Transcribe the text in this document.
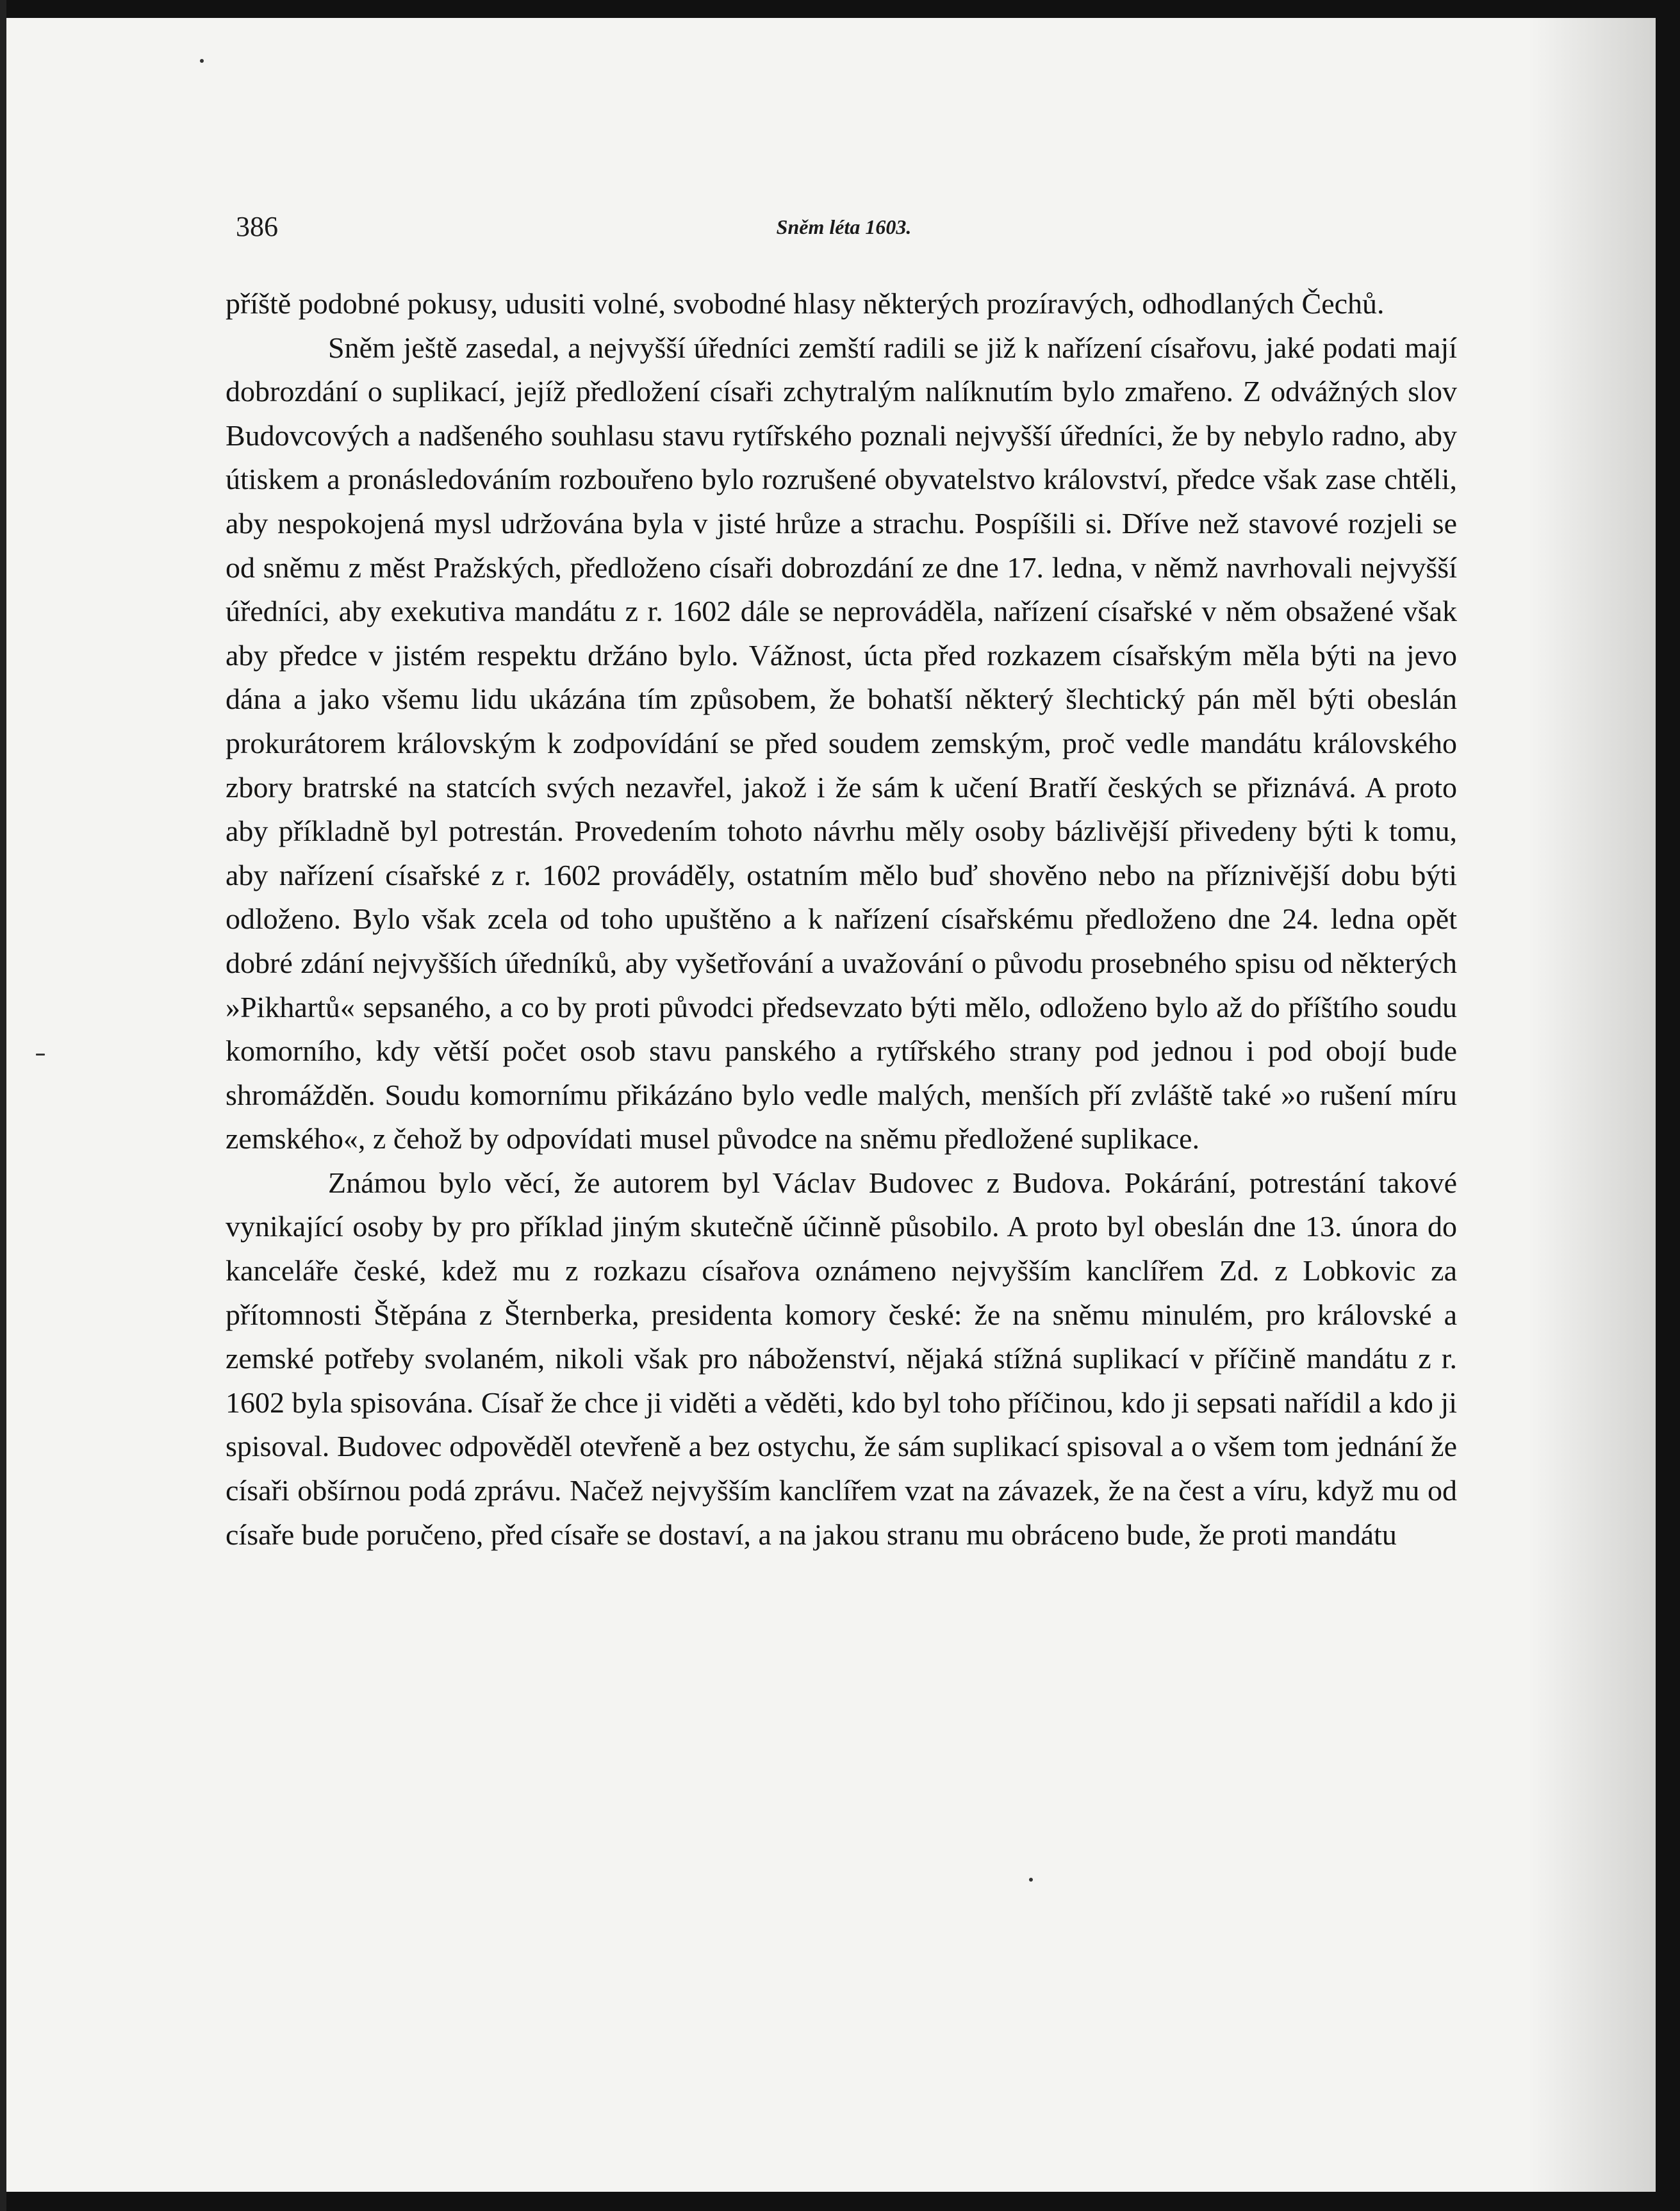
386	Sněm léta 1603.

příště podobné pokusy, udusiti volné, svobodné hlasy některých prozíravých, odhodlaných Čechů.

Sněm ještě zasedal, a nejvyšší úředníci zemští radili se již k nařízení císařovu, jaké podati mají dobrozdání o suplikací, jejíž předložení císaři zchytralým nalíknutím bylo zmařeno. Z odvážných slov Budovcových a nadšeného souhlasu stavu rytířského poznali nejvyšší úředníci, že by nebylo radno, aby útiskem a pronásledováním rozbouřeno bylo rozrušené obyvatelstvo království, předce však zase chtěli, aby nespokojená mysl udržována byla v jisté hrůze a strachu. Pospíšili si. Dříve než stavové rozjeli se od sněmu z měst Pražských, předloženo císaři dobrozdání ze dne 17. ledna, v němž navrhovali nejvyšší úředníci, aby exekutiva mandátu z r. 1602 dále se neprováděla, nařízení císařské v něm obsažené však aby předce v jistém respektu držáno bylo. Vážnost, úcta před rozkazem císařským měla býti na jevo dána a jako všemu lidu ukázána tím způsobem, že bohatší některý šlechtický pán měl býti obeslán prokurátorem královským k zodpovídání se před soudem zemským, proč vedle mandátu královského zbory bratrské na statcích svých nezavřel, jakož i že sám k učení Bratří českých se přiznává. A proto aby příkladně byl potrestán. Provedením tohoto návrhu měly osoby bázlivější přivedeny býti k tomu, aby nařízení císařské z r. 1602 prováděly, ostatním mělo buď shověno nebo na příznivější dobu býti odloženo. Bylo však zcela od toho upuštěno a k nařízení císařskému předloženo dne 24. ledna opět dobré zdání nejvyšších úředníků, aby vyšetřování a uvažování o původu prosebného spisu od některých »Pikhartů« sepsaného, a co by proti původci předsevzato býti mělo, odloženo bylo až do příštího soudu komorního, kdy větší počet osob stavu panského a rytířského strany pod jednou i pod obojí bude shromážděn. Soudu komornímu přikázáno bylo vedle malých, menších pří zvláště také »o rušení míru zemského«, z čehož by odpovídati musel původce na sněmu předložené suplikace.

Známou bylo věcí, že autorem byl Václav Budovec z Budova. Pokárání, potrestání takové vynikající osoby by pro příklad jiným skutečně účinně působilo. A proto byl obeslán dne 13. února do kanceláře české, kdež mu z rozkazu císařova oznámeno nejvyšším kanclířem Zd. z Lobkovic za přítomnosti Štěpána z Šternberka, presidenta komory české: že na sněmu minulém, pro královské a zemské potřeby svolaném, nikoli však pro náboženství, nějaká stížná suplikací v příčině mandátu z r. 1602 byla spisována. Císař že chce ji viděti a věděti, kdo byl toho příčinou, kdo ji sepsati nařídil a kdo ji spisoval. Budovec odpověděl otevřeně a bez ostychu, že sám suplikací spisoval a o všem tom jednání že císaři obšírnou podá zprávu. Načež nejvyšším kanclířem vzat na závazek, že na čest a víru, když mu od císaře bude poručeno, před císaře se dostaví, a na jakou stranu mu obráceno bude, že proti mandátu
